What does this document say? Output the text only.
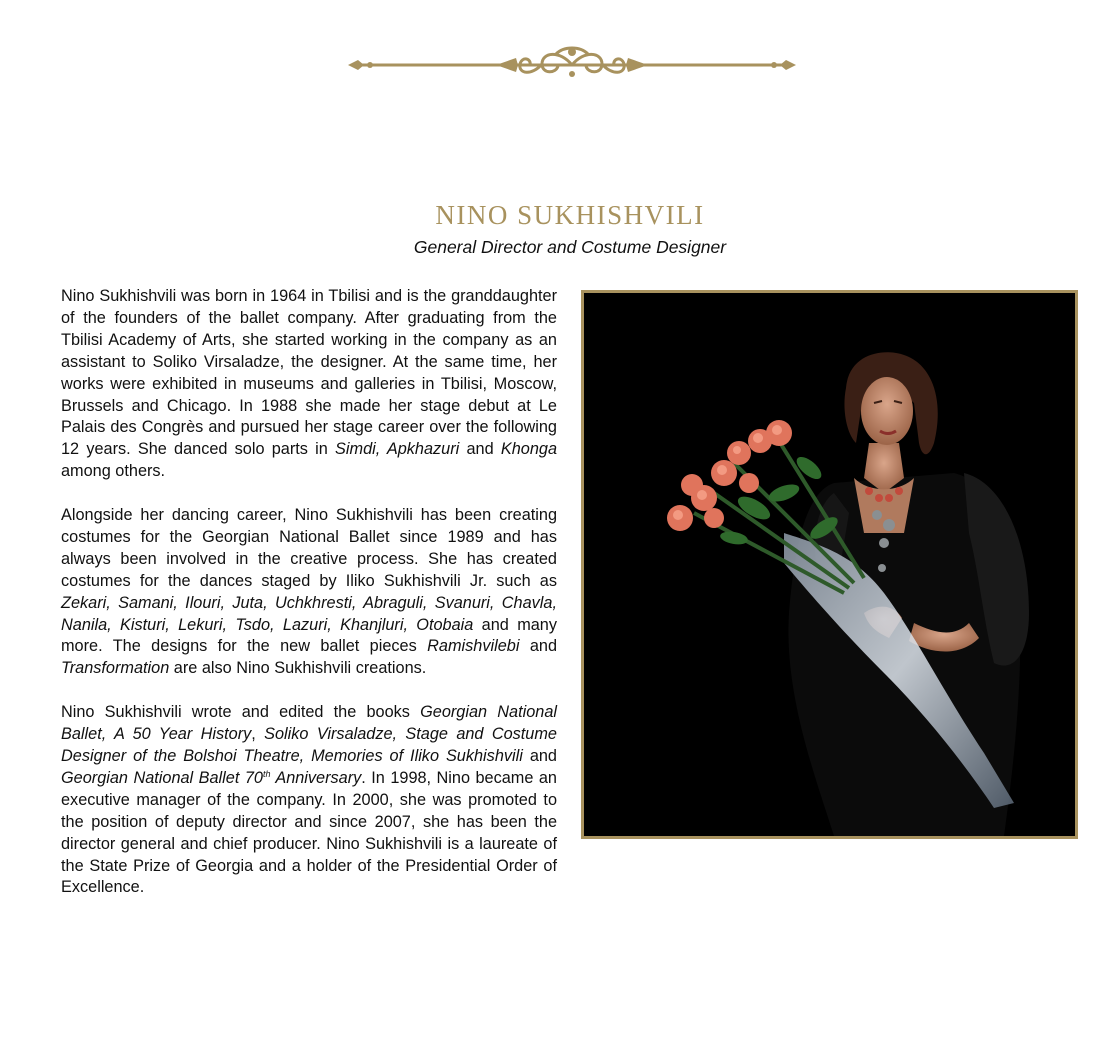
NINO SUKHISHVILI

General Director and Costume Designer

Nino Sukhishvili was born in 1964 in Tbilisi and is the granddaughter of the founders of the ballet company. After graduating from the Tbilisi Academy of Arts, she started working in the company as an assistant to Soliko Virsaladze, the designer. At the same time, her works were exhibited in museums and galleries in Tbilisi, Moscow, Brussels and Chicago. In 1988 she made her stage debut at Le Palais des Congrès and pursued her stage career over the following 12 years. She danced solo parts in Simdi, Apkhazuri and Khonga among others.

Alongside her dancing career, Nino Sukhishvili has been creating costumes for the Georgian National Ballet since 1989 and has always been involved in the creative process. She has created costumes for the dances staged by Iliko Sukhishvili Jr. such as Zekari, Samani, Ilouri, Juta, Uchkhresti, Abraguli, Svanuri, Chavla, Nanila, Kisturi, Lekuri, Tsdo, Lazuri, Khanjluri, Otobaia and many more. The designs for the new ballet pieces Ramishvilebi and Transformation are also Nino Sukhishvili creations.

Nino Sukhishvili wrote and edited the books Georgian National Ballet, A 50 Year History, Soliko Virsaladze, Stage and Costume Designer of the Bolshoi Theatre, Memories of Iliko Sukhishvili and Georgian National Ballet 70th Anniversary. In 1998, Nino became an executive manager of the company. In 2000, she was promoted to the position of deputy director and since 2007, she has been the director general and chief producer. Nino Sukhishvili is a laureate of the State Prize of Georgia and a holder of the Presidential Order of Excellence.
